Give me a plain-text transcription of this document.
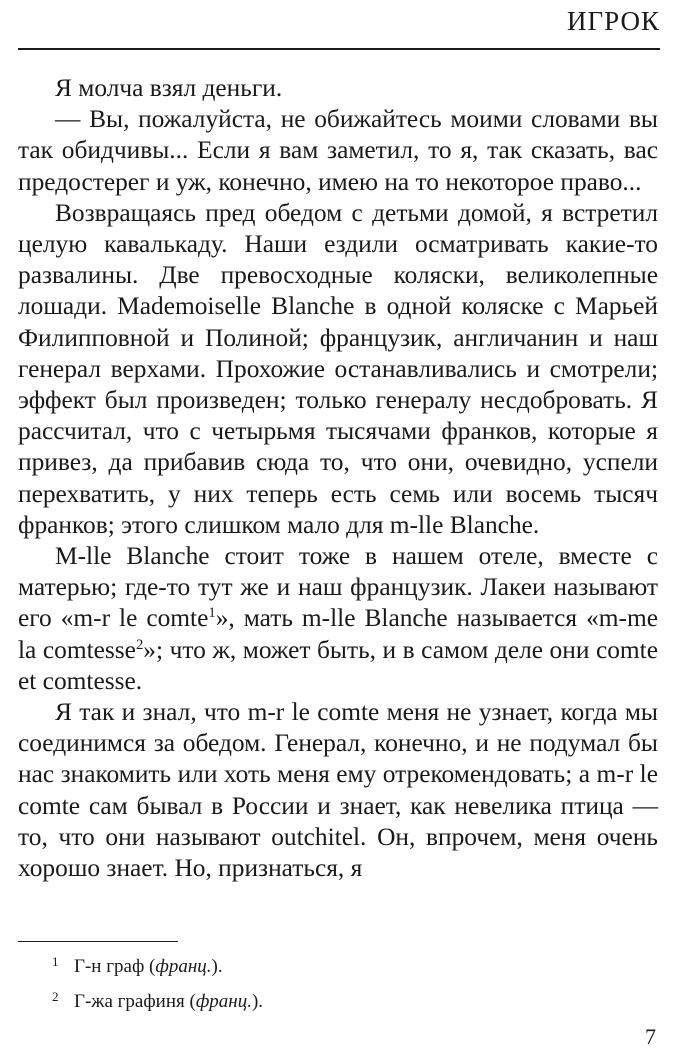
ИГРОК

Я молча взял деньги.

— Вы, пожалуйста, не обижайтесь моими словами вы так обидчивы... Если я вам заметил, то я, так сказать, вас предостерег и уж, конечно, имею на то некоторое право...

Возвращаясь пред обедом с детьми домой, я встретил целую кавалькаду. Наши ездили осматривать какие-то развалины. Две превосходные коляски, великолепные лошади. Mademoiselle Blanche в одной коляске с Марьей Филипповной и Полиной; французик, англичанин и наш генерал верхами. Прохожие останавливались и смотрели; эффект был произведен; только генералу несдобровать. Я рассчитал, что с четырьмя тысячами франков, которые я привез, да прибавив сюда то, что они, очевидно, успели перехватить, у них теперь есть семь или восемь тысяч франков; этого слишком мало для m-lle Blanche.

M-lle Blanche стоит тоже в нашем отеле, вместе с матерью; где-то тут же и наш французик. Лакеи называют его «m-r le comte$^1$», мать m-lle Blanche называется «m-me la comtesse$^2$»; что ж, может быть, и в самом деле они comte et comtesse.

Я так и знал, что m-r le comte меня не узнает, когда мы соединимся за обедом. Генерал, конечно, и не подумал бы нас знакомить или хоть меня ему отрекомендовать; а m-r le comte сам бывал в России и знает, как невелика птица — то, что они называют outchitel. Он, впрочем, меня очень хорошо знает. Но, признаться, я

1 Г-н граф (франц.).
2 Г-жа графиня (франц.).
7
